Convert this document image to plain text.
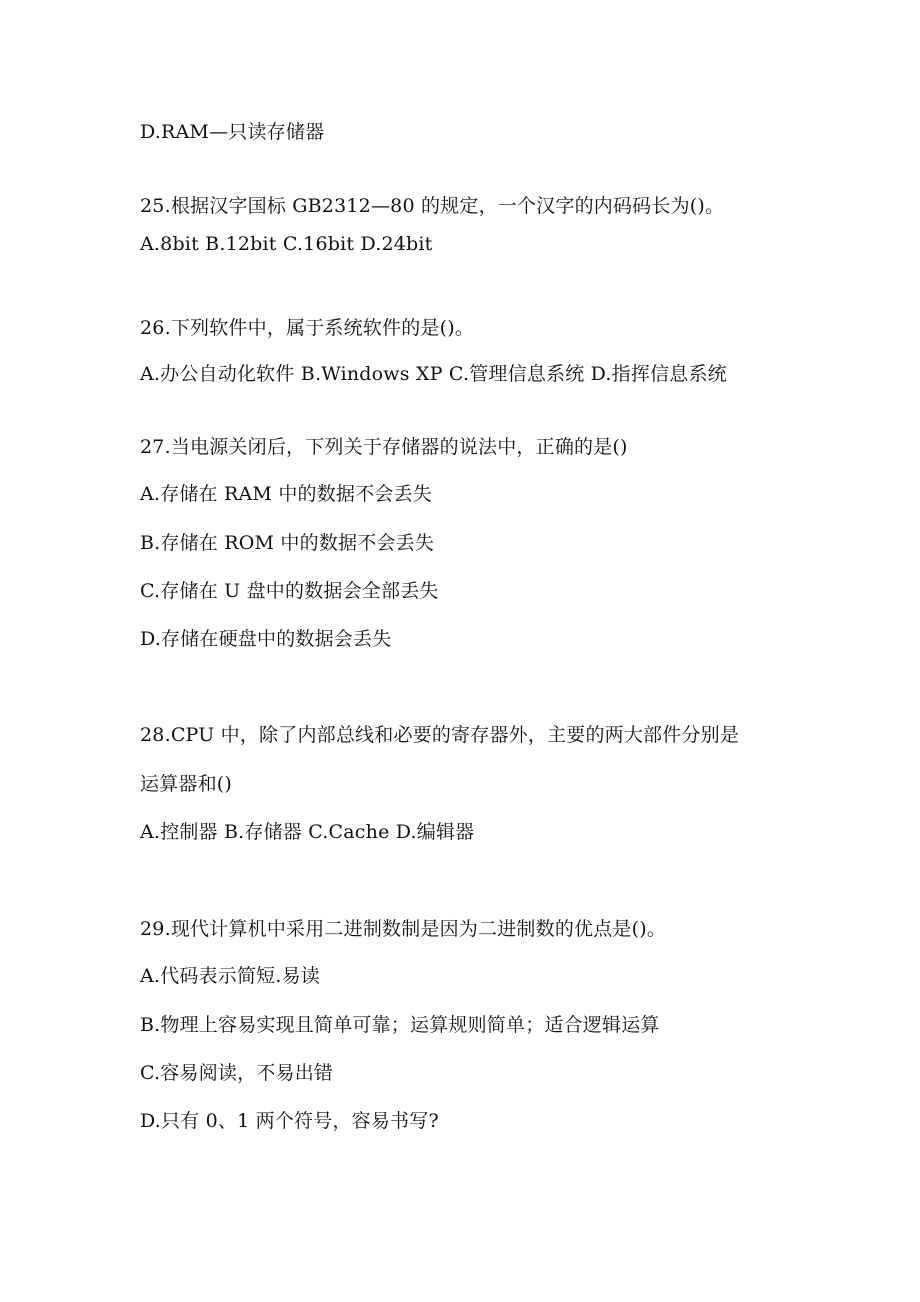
D.RAM—只读存储器
25.根据汉字国标 GB2312—80 的规定，一个汉字的内码码长为()。
A.8bit B.12bit C.16bit D.24bit
26.下列软件中，属于系统软件的是()。
A.办公自动化软件 B.Windows XP C.管理信息系统 D.指挥信息系统
27.当电源关闭后，下列关于存储器的说法中，正确的是()
A.存储在 RAM 中的数据不会丢失
B.存储在 ROM 中的数据不会丢失
C.存储在 U 盘中的数据会全部丢失
D.存储在硬盘中的数据会丢失
28.CPU 中，除了内部总线和必要的寄存器外，主要的两大部件分别是
运算器和()
A.控制器 B.存储器 C.Cache D.编辑器
29.现代计算机中采用二进制数制是因为二进制数的优点是()。
A.代码表示简短.易读
B.物理上容易实现且简单可靠；运算规则简单；适合逻辑运算
C.容易阅读，不易出错
D.只有 0、1 两个符号，容易书写?
